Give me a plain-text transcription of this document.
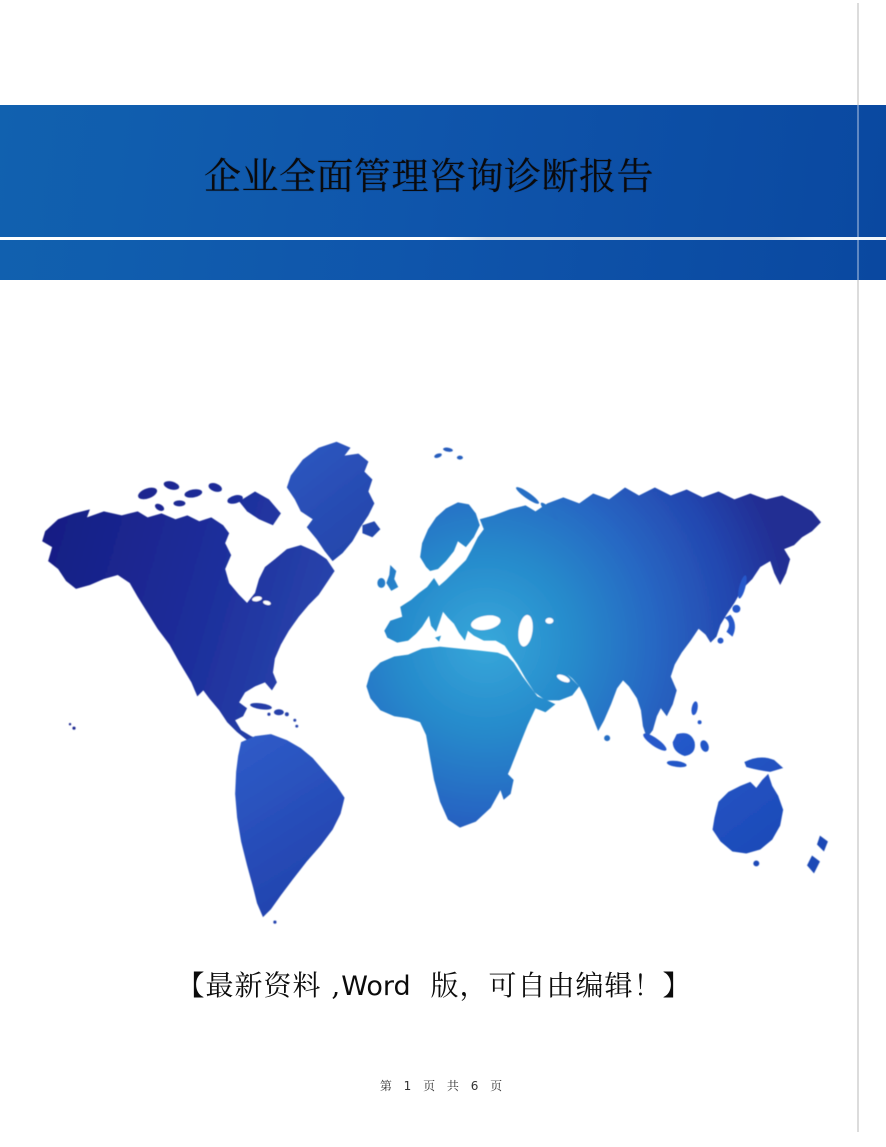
企业全面管理咨询诊断报告
【最新资料 ,Word  版，可自由编辑！】
第 1 页 共 6 页
